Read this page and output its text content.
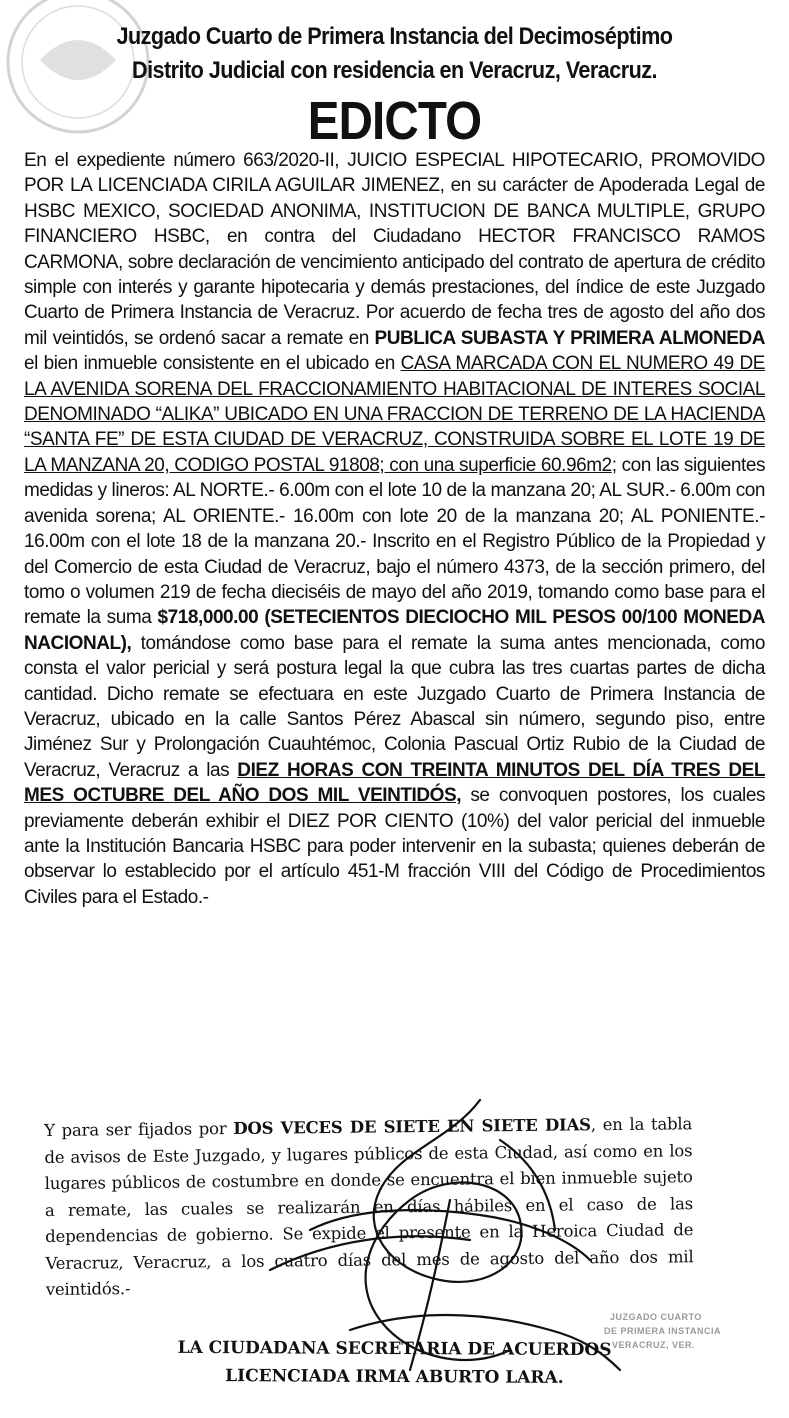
Juzgado Cuarto de Primera Instancia del Decimoséptimo
Distrito Judicial con residencia en Veracruz, Veracruz.
EDICTO
En el expediente número 663/2020-II, JUICIO ESPECIAL HIPOTECARIO, PROMOVIDO POR LA LICENCIADA CIRILA AGUILAR JIMENEZ, en su carácter de Apoderada Legal de HSBC MEXICO, SOCIEDAD ANONIMA, INSTITUCION DE BANCA MULTIPLE, GRUPO FINANCIERO HSBC, en contra del Ciudadano HECTOR FRANCISCO RAMOS CARMONA, sobre declaración de vencimiento anticipado del contrato de apertura de crédito simple con interés y garante hipotecaria y demás prestaciones, del índice de este Juzgado Cuarto de Primera Instancia de Veracruz. Por acuerdo de fecha tres de agosto del año dos mil veintidós, se ordenó sacar a remate en PUBLICA SUBASTA Y PRIMERA ALMONEDA el bien inmueble consistente en el ubicado en CASA MARCADA CON EL NUMERO 49 DE LA AVENIDA SORENA DEL FRACCIONAMIENTO HABITACIONAL DE INTERES SOCIAL DENOMINADO “ALIKA” UBICADO EN UNA FRACCION DE TERRENO DE LA HACIENDA “SANTA FE” DE ESTA CIUDAD DE VERACRUZ, CONSTRUIDA SOBRE EL LOTE 19 DE LA MANZANA 20, CODIGO POSTAL 91808; con una superficie 60.96m2; con las siguientes medidas y lineros: AL NORTE.- 6.00m con el lote 10 de la manzana 20; AL SUR.- 6.00m con avenida sorena; AL ORIENTE.- 16.00m con lote 20 de la manzana 20; AL PONIENTE.- 16.00m con el lote 18 de la manzana 20.- Inscrito en el Registro Público de la Propiedad y del Comercio de esta Ciudad de Veracruz, bajo el número 4373, de la sección primero, del tomo o volumen 219 de fecha dieciséis de mayo del año 2019, tomando como base para el remate la suma $718,000.00 (SETECIENTOS DIECIOCHO MIL PESOS 00/100 MONEDA NACIONAL), tomándose como base para el remate la suma antes mencionada, como consta el valor pericial y será postura legal la que cubra las tres cuartas partes de dicha cantidad. Dicho remate se efectuara en este Juzgado Cuarto de Primera Instancia de Veracruz, ubicado en la calle Santos Pérez Abascal sin número, segundo piso, entre Jiménez Sur y Prolongación Cuauhtémoc, Colonia Pascual Ortiz Rubio de la Ciudad de Veracruz, Veracruz a las DIEZ HORAS CON TREINTA MINUTOS DEL DÍA TRES DEL MES OCTUBRE DEL AÑO DOS MIL VEINTIDÓS, se convoquen postores, los cuales previamente deberán exhibir el DIEZ POR CIENTO (10%) del valor pericial del inmueble ante la Institución Bancaria HSBC para poder intervenir en la subasta; quienes deberán de observar lo establecido por el artículo 451-M fracción VIII del Código de Procedimientos Civiles para el Estado.-
Y para ser fijados por DOS VECES DE SIETE EN SIETE DIAS, en la tabla de avisos de Este Juzgado, y lugares públicos de esta Ciudad, así como en los lugares públicos de costumbre en donde se encuentra el bien inmueble sujeto a remate, las cuales se realizarán en días hábiles en el caso de las dependencias de gobierno. Se expide el presente en la Heroica Ciudad de Veracruz, Veracruz, a los cuatro días del mes de agosto del año dos mil veintidós.-
JUZGADO CUARTO
DE PRIMERA INSTANCIA
VERACRUZ, VER.
LA CIUDADANA SECRETARIA DE ACUERDOS
LICENCIADA IRMA ABURTO LARA.
